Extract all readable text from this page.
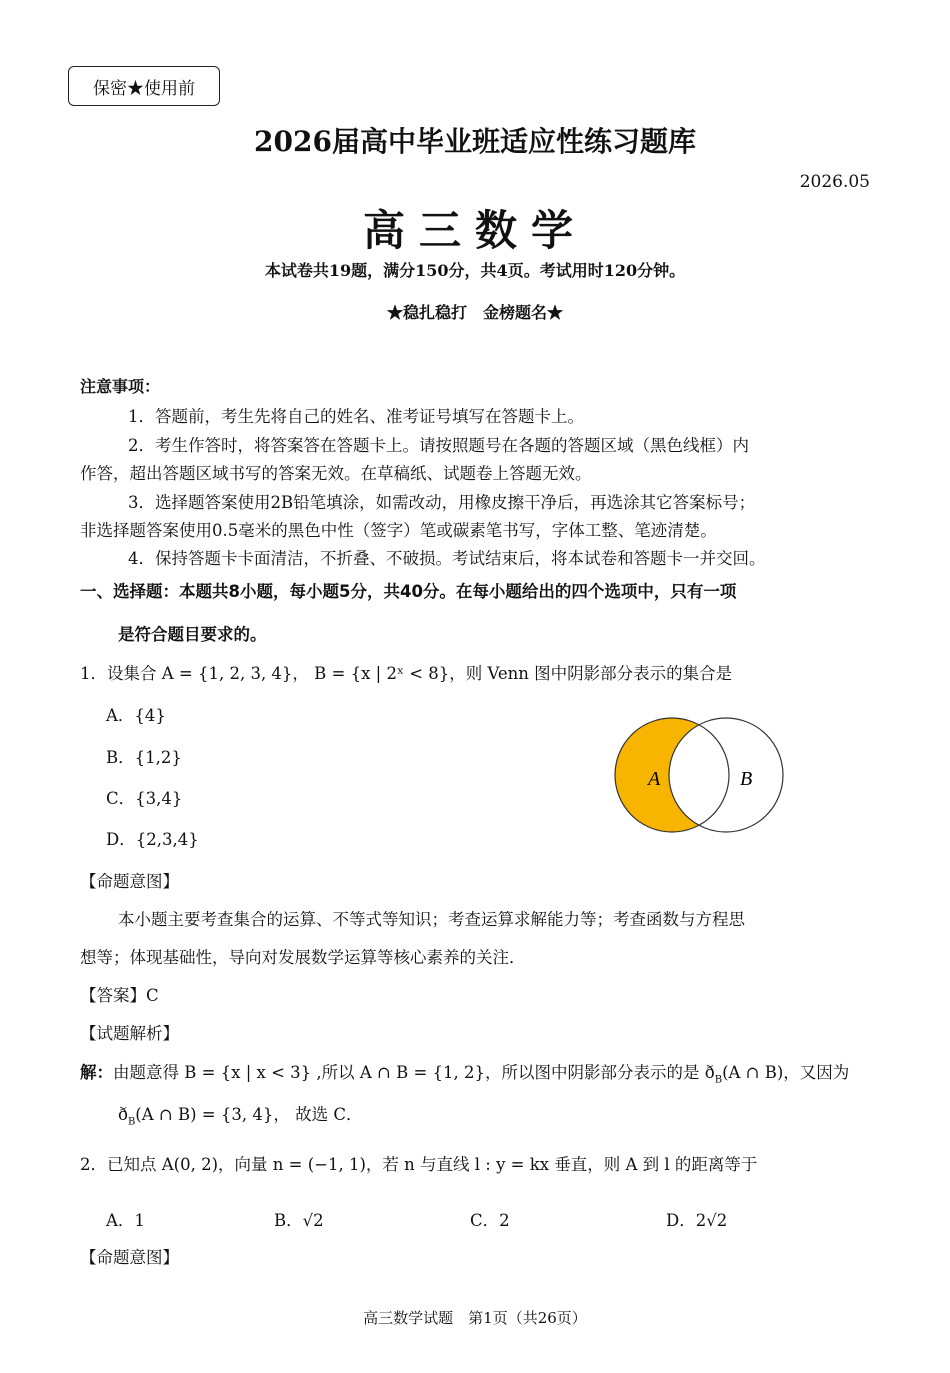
保密★使用前
2026届高中毕业班适应性练习题库
2026.05
高三数学
本试卷共19题，满分150分，共4页。考试用时120分钟。
★稳扎稳打　金榜题名★
注意事项：
1．答题前，考生先将自己的姓名、准考证号填写在答题卡上。
2．考生作答时，将答案答在答题卡上。请按照题号在各题的答题区域（黑色线框）内
作答，超出答题区域书写的答案无效。在草稿纸、试题卷上答题无效。
3．选择题答案使用2B铅笔填涂，如需改动，用橡皮擦干净后，再选涂其它答案标号；
非选择题答案使用0.5毫米的黑色中性（签字）笔或碳素笔书写，字体工整、笔迹清楚。
4．保持答题卡卡面清洁，不折叠、不破损。考试结束后，将本试卷和答题卡一并交回。
一、选择题：本题共8小题，每小题5分，共40分。在每小题给出的四个选项中，只有一项
是符合题目要求的。
1．设集合 A = {1, 2, 3, 4}， B = {x | 2ˣ < 8}，则 Venn 图中阴影部分表示的集合是
A．{4}
B．{1,2}
C．{3,4}
D．{2,3,4}
A	B
【命题意图】
本小题主要考查集合的运算、不等式等知识；考查运算求解能力等；考查函数与方程思
想等；体现基础性，导向对发展数学运算等核心素养的关注．
【答案】C
【试题解析】
解：由题意得 B = {x | x < 3} ,所以 A ∩ B = {1, 2}，所以图中阴影部分表示的是 $ð_B(A$ ∩ B)，又因为
$ð_B(A$ ∩ B) = {3, 4}， 故选 C．
2．已知点 A(0, 2)，向量 n = (−1, 1)，若 n 与直线 l : y = kx 垂直，则 A 到 l 的距离等于
A．1	B．√2	C．2	D．2√2
【命题意图】
高三数学试题　第1页（共26页）
